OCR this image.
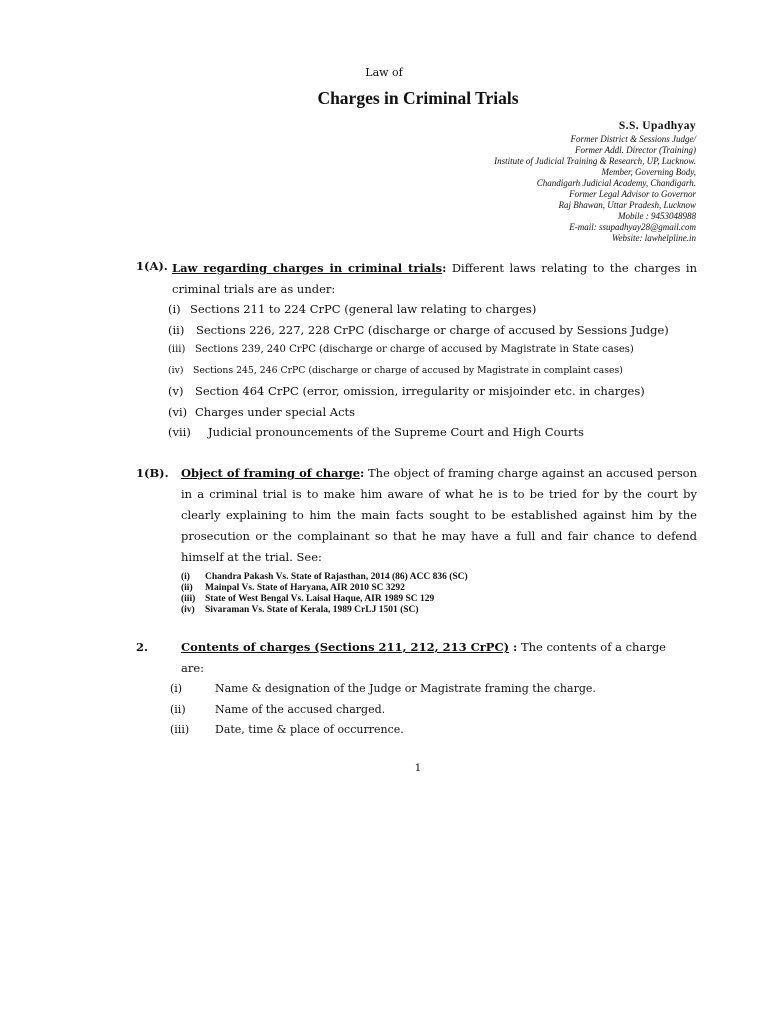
Law of
Charges in Criminal Trials
S.S. Upadhyay
Former District & Sessions Judge/
Former Addl. Director (Training)
Institute of Judicial Training & Research, UP, Lucknow.
Member, Governing Body,
Chandigarh Judicial Academy, Chandigarh.
Former Legal Advisor to Governor
Raj Bhawan, Uttar Pradesh, Lucknow
Mobile : 9453048988
E-mail: ssupadhyay28@gmail.com
Website: lawhelpline.in
1(A). Law regarding charges in criminal trials: Different laws relating to the charges in criminal trials are as under:
(i) Sections 211 to 224 CrPC (general law relating to charges)
(ii) Sections 226, 227, 228 CrPC (discharge or charge of accused by Sessions Judge)
(iii) Sections 239, 240 CrPC (discharge or charge of accused by Magistrate in State cases)
(iv) Sections 245, 246 CrPC (discharge or charge of accused by Magistrate in complaint cases)
(v) Section 464 CrPC (error, omission, irregularity or misjoinder etc. in charges)
(vi) Charges under special Acts
(vii) Judicial pronouncements of the Supreme Court and High Courts
1(B). Object of framing of charge: The object of framing charge against an accused person in a criminal trial is to make him aware of what he is to be tried for by the court by clearly explaining to him the main facts sought to be established against him by the prosecution or the complainant so that he may have a full and fair chance to defend himself at the trial. See:
(i) Chandra Pakash Vs. State of Rajasthan, 2014 (86) ACC 836 (SC)
(ii) Mainpal Vs. State of Haryana, AIR 2010 SC 3292
(iii) State of West Bengal Vs. Laisal Haque, AIR 1989 SC 129
(iv) Sivaraman Vs. State of Kerala, 1989 CrLJ 1501 (SC)
2.	Contents of charges (Sections 211, 212, 213 CrPC) : The contents of a charge are:
(i)	Name & designation of the Judge or Magistrate framing the charge.
(ii)	Name of the accused charged.
(iii) Date, time & place of occurrence.
1
